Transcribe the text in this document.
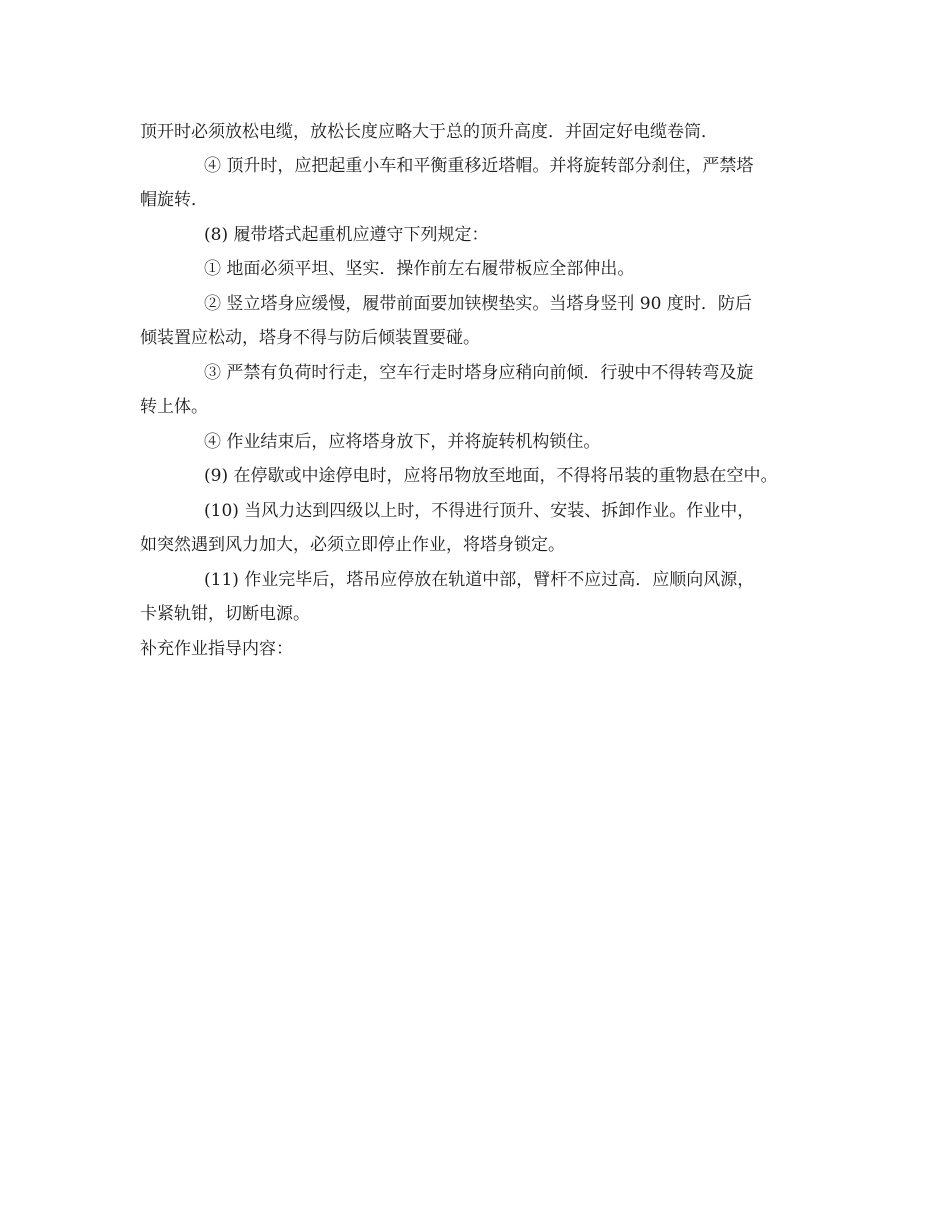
顶开时必须放松电缆，放松长度应略大于总的顶升高度．并固定好电缆卷筒．
④ 顶升时，应把起重小车和平衡重移近塔帽。并将旋转部分刹住，严禁塔
帽旋转．
(8) 履带塔式起重机应遵守下列规定：
① 地面必须平坦、坚实．操作前左右履带板应全部伸出。
② 竖立塔身应缓慢，履带前面要加铗楔垫实。当塔身竖刊 90 度时．防后
倾装置应松动，塔身不得与防后倾装置要碰。
③ 严禁有负荷时行走，空车行走时塔身应稍向前倾．行驶中不得转弯及旋
转上体。
④ 作业结束后，应将塔身放下，并将旋转机构锁住。
(9) 在停歇或中途停电时，应将吊物放至地面，不得将吊装的重物悬在空中。
(10) 当风力达到四级以上时，不得进行顶升、安装、拆卸作业。作业中，
如突然遇到风力加大，必须立即停止作业，将塔身锁定。
(11) 作业完毕后，塔吊应停放在轨道中部，臂杆不应过高．应顺向风源，
卡紧轨钳，切断电源。
补充作业指导内容：
